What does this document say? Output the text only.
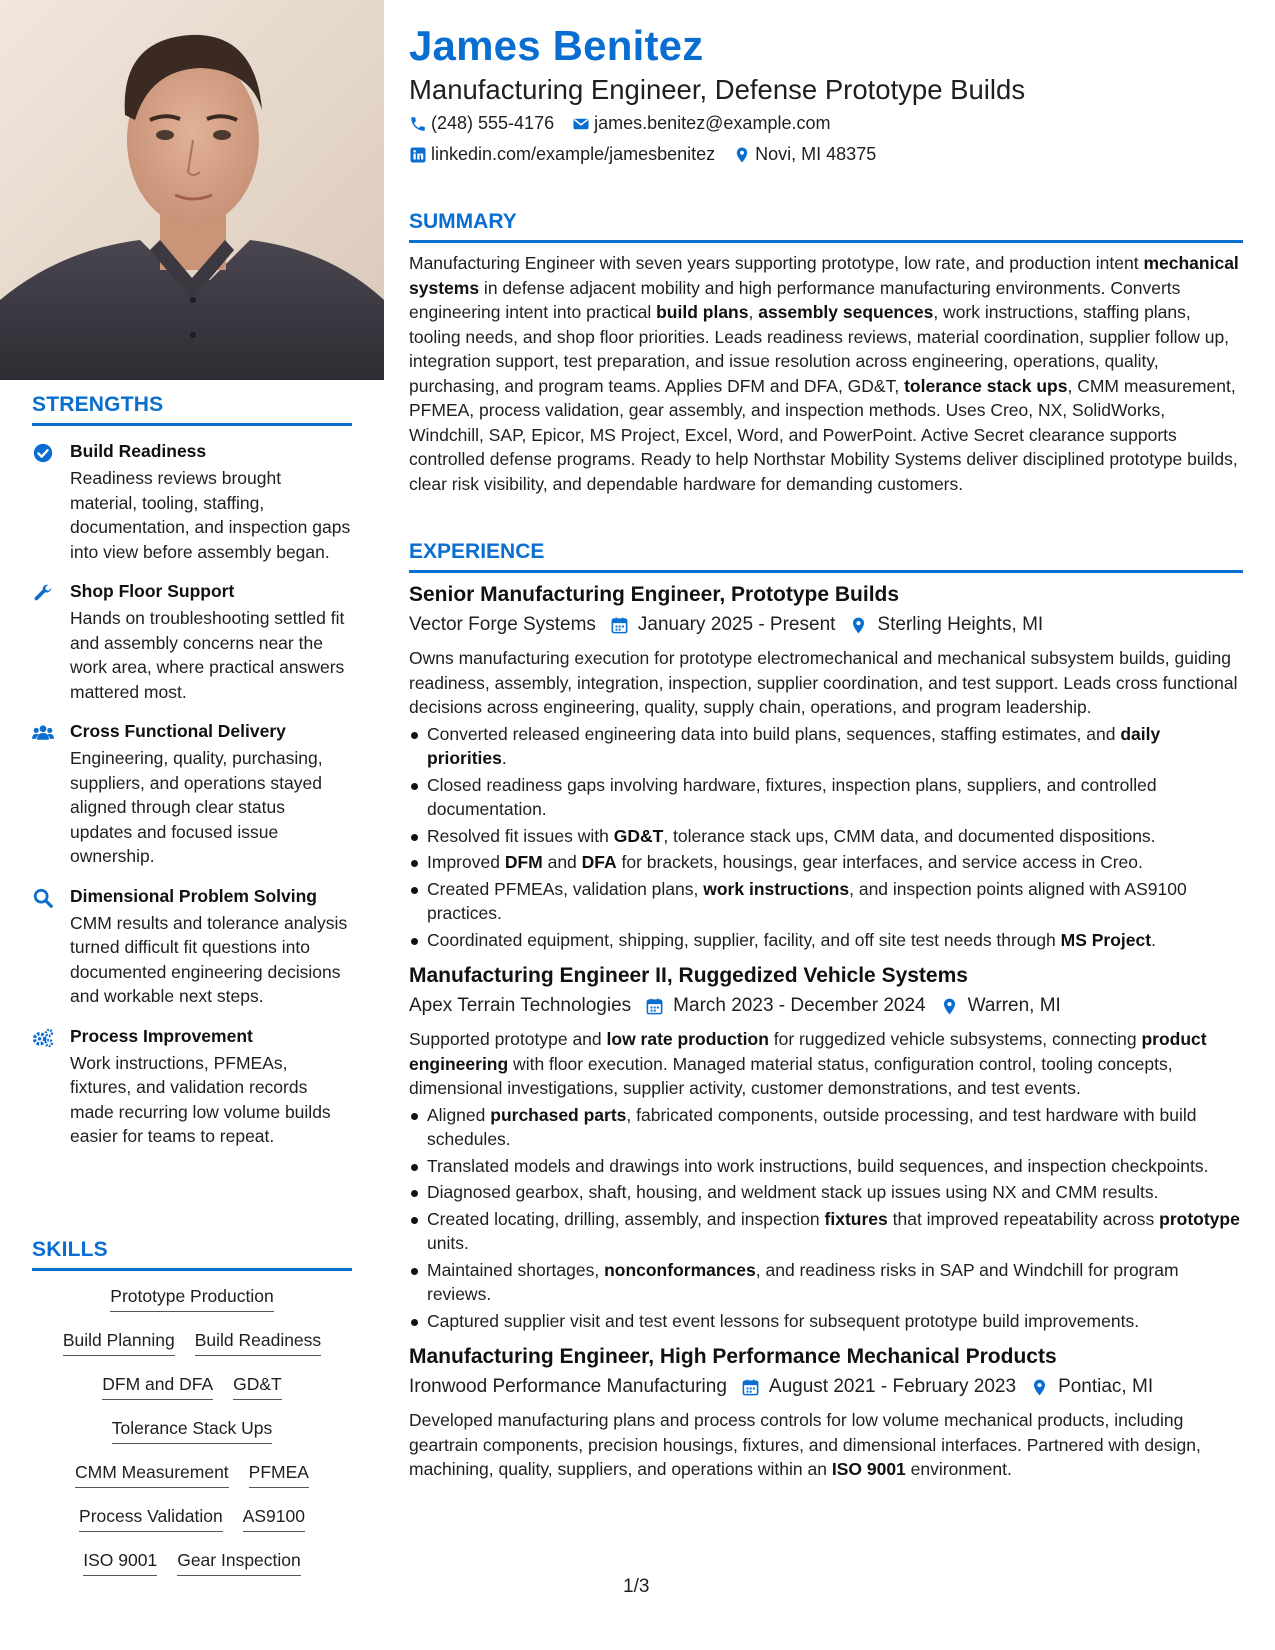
STRENGTHS
Build Readiness
Readiness reviews brought material, tooling, staffing, documentation, and inspection gaps into view before assembly began.
Shop Floor Support
Hands on troubleshooting settled fit and assembly concerns near the work area, where practical answers mattered most.
Cross Functional Delivery
Engineering, quality, purchasing, suppliers, and operations stayed aligned through clear status updates and focused issue ownership.
Dimensional Problem Solving
CMM results and tolerance analysis turned difficult fit questions into documented engineering decisions and workable next steps.
Process Improvement
Work instructions, PFMEAs, fixtures, and validation records made recurring low volume builds easier for teams to repeat.
SKILLS
Prototype Production
Build Planning Build Readiness
DFM and DFA GD&T
Tolerance Stack Ups
CMM Measurement PFMEA
Process Validation AS9100
ISO 9001 Gear Inspection
James Benitez
Manufacturing Engineer, Defense Prototype Builds
(248) 555-4176 james.benitez@example.com
linkedin.com/example/jamesbenitez Novi, MI 48375
SUMMARY
Manufacturing Engineer with seven years supporting prototype, low rate, and production intent mechanical systems in defense adjacent mobility and high performance manufacturing environments. Converts engineering intent into practical build plans, assembly sequences, work instructions, staffing plans, tooling needs, and shop floor priorities. Leads readiness reviews, material coordination, supplier follow up, integration support, test preparation, and issue resolution across engineering, operations, quality, purchasing, and program teams. Applies DFM and DFA, GD&T, tolerance stack ups, CMM measurement, PFMEA, process validation, gear assembly, and inspection methods. Uses Creo, NX, SolidWorks, Windchill, SAP, Epicor, MS Project, Excel, Word, and PowerPoint. Active Secret clearance supports controlled defense programs. Ready to help Northstar Mobility Systems deliver disciplined prototype builds, clear risk visibility, and dependable hardware for demanding customers.
EXPERIENCE
Senior Manufacturing Engineer, Prototype Builds
Vector Forge Systems January 2025 - Present Sterling Heights, MI
Owns manufacturing execution for prototype electromechanical and mechanical subsystem builds, guiding readiness, assembly, integration, inspection, supplier coordination, and test support. Leads cross functional decisions across engineering, quality, supply chain, operations, and program leadership.
Converted released engineering data into build plans, sequences, staffing estimates, and daily priorities.
Closed readiness gaps involving hardware, fixtures, inspection plans, suppliers, and controlled documentation.
Resolved fit issues with GD&T, tolerance stack ups, CMM data, and documented dispositions.
Improved DFM and DFA for brackets, housings, gear interfaces, and service access in Creo.
Created PFMEAs, validation plans, work instructions, and inspection points aligned with AS9100 practices.
Coordinated equipment, shipping, supplier, facility, and off site test needs through MS Project.
Manufacturing Engineer II, Ruggedized Vehicle Systems
Apex Terrain Technologies March 2023 - December 2024 Warren, MI
Supported prototype and low rate production for ruggedized vehicle subsystems, connecting product engineering with floor execution. Managed material status, configuration control, tooling concepts, dimensional investigations, supplier activity, customer demonstrations, and test events.
Aligned purchased parts, fabricated components, outside processing, and test hardware with build schedules.
Translated models and drawings into work instructions, build sequences, and inspection checkpoints.
Diagnosed gearbox, shaft, housing, and weldment stack up issues using NX and CMM results.
Created locating, drilling, assembly, and inspection fixtures that improved repeatability across prototype units.
Maintained shortages, nonconformances, and readiness risks in SAP and Windchill for program reviews.
Captured supplier visit and test event lessons for subsequent prototype build improvements.
Manufacturing Engineer, High Performance Mechanical Products
Ironwood Performance Manufacturing August 2021 - February 2023 Pontiac, MI
Developed manufacturing plans and process controls for low volume mechanical products, including geartrain components, precision housings, fixtures, and dimensional interfaces. Partnered with design, machining, quality, suppliers, and operations within an ISO 9001 environment.
1/3
